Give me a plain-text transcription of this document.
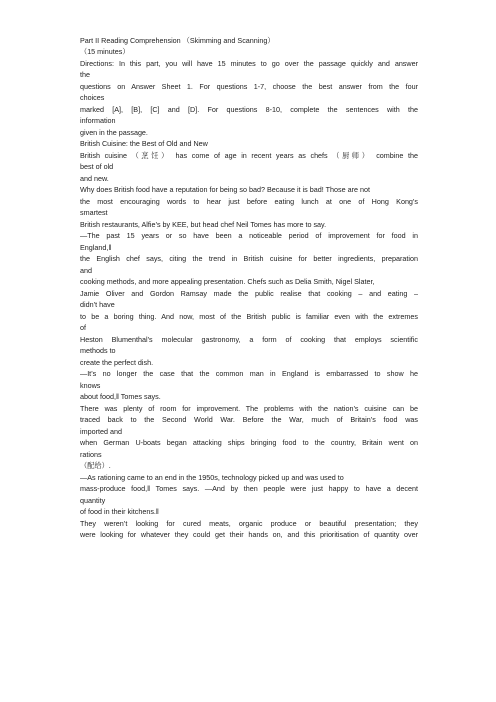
Part II Reading Comprehension （Skimming and Scanning）
（15 minutes）
Directions: In this part, you will have 15 minutes to go over the passage quickly and answer
the
questions on Answer Sheet 1. For questions 1-7, choose the best answer from the four
choices
marked [A], [B], [C] and [D]. For questions 8-10, complete the sentences with the
information
given in the passage.
British Cuisine: the Best of Old and New
British cuisine （烹饪） has come of age in recent years as chefs （厨师） combine the
best of old
and new.
Why does British food have a reputation for being so bad? Because it is bad! Those are not
the most encouraging words to hear just before eating lunch at one of Hong Kong’s
smartest
British restaurants, Alfie’s by KEE, but head chef Neil Tomes has more to say.
―The past 15 years or so have been a noticeable period of improvement for food in
England,‖
the English chef says, citing the trend in British cuisine for better ingredients, preparation
and
cooking methods, and more appealing presentation. Chefs such as Delia Smith, Nigel Slater,
Jamie Oliver and Gordon Ramsay made the public realise that cooking – and eating –
didn’t have
to be a boring thing. And now, most of the British public is familiar even with the extremes
of
Heston Blumenthal’s molecular gastronomy, a form of cooking that employs scientific
methods to
create the perfect dish.
―It’s no longer the case that the common man in England is embarrassed to show he
knows
about food,‖ Tomes says.
There was plenty of room for improvement. The problems with the nation’s cuisine can be
traced back to the Second World War. Before the War, much of Britain’s food was
imported and
when German U-boats began attacking ships bringing food to the country, Britain went on
rations
（配给）.
―As rationing came to an end in the 1950s, technology picked up and was used to
mass-produce food,‖ Tomes says. ―And by then people were just happy to have a decent
quantity
of food in their kitchens.‖
They weren’t looking for cured meats, organic produce or beautiful presentation; they
were looking for whatever they could get their hands on, and this prioritisation of quantity over
